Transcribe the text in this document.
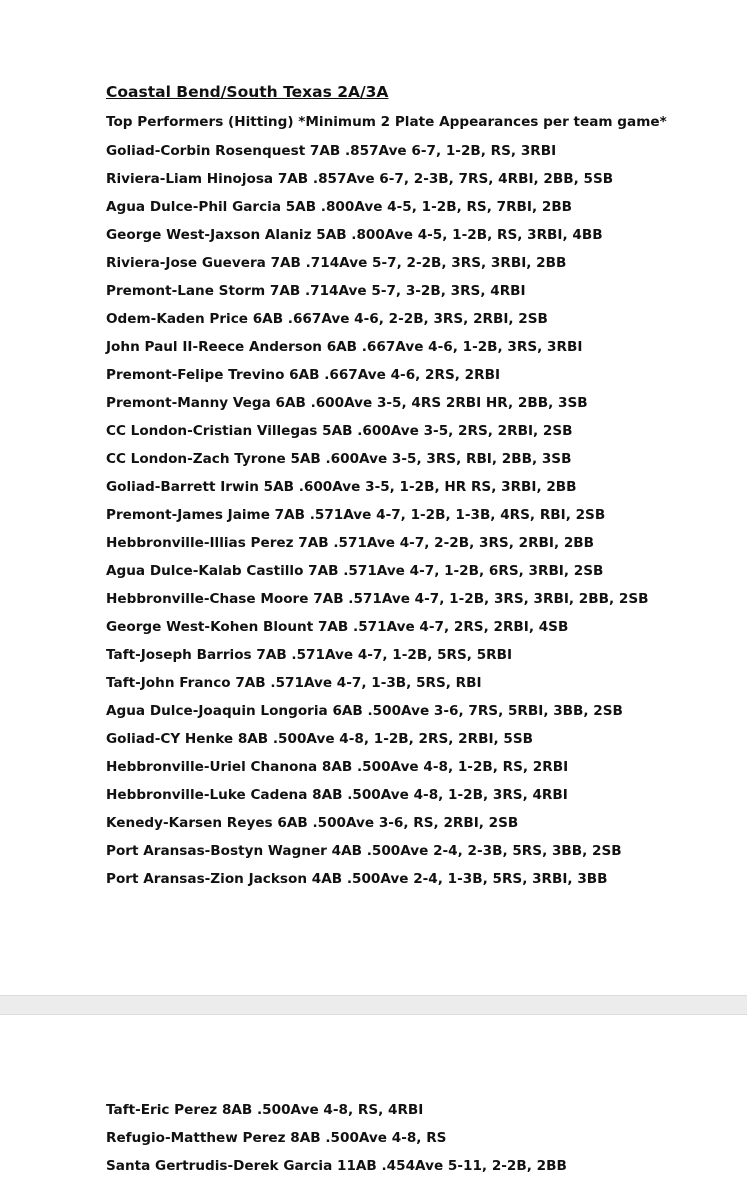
Coastal Bend/South Texas 2A/3A

Top Performers (Hitting) *Minimum 2 Plate Appearances per team game*

Goliad-Corbin Rosenquest 7AB .857Ave 6-7, 1-2B, RS, 3RBI
Riviera-Liam Hinojosa 7AB .857Ave 6-7, 2-3B, 7RS, 4RBI, 2BB, 5SB
Agua Dulce-Phil Garcia 5AB .800Ave 4-5, 1-2B, RS, 7RBI, 2BB
George West-Jaxson Alaniz 5AB .800Ave 4-5, 1-2B, RS, 3RBI, 4BB
Riviera-Jose Guevera 7AB .714Ave 5-7, 2-2B, 3RS, 3RBI, 2BB
Premont-Lane Storm 7AB .714Ave 5-7, 3-2B, 3RS, 4RBI
Odem-Kaden Price 6AB .667Ave 4-6, 2-2B, 3RS, 2RBI, 2SB
John Paul II-Reece Anderson 6AB .667Ave 4-6, 1-2B, 3RS, 3RBI
Premont-Felipe Trevino 6AB .667Ave 4-6, 2RS, 2RBI
Premont-Manny Vega 6AB .600Ave 3-5, 4RS 2RBI HR, 2BB, 3SB
CC London-Cristian Villegas 5AB .600Ave 3-5, 2RS, 2RBI, 2SB
CC London-Zach Tyrone 5AB .600Ave 3-5, 3RS, RBI, 2BB, 3SB
Goliad-Barrett Irwin 5AB .600Ave 3-5, 1-2B, HR RS, 3RBI, 2BB
Premont-James Jaime 7AB .571Ave 4-7, 1-2B, 1-3B, 4RS, RBI, 2SB
Hebbronville-Illias Perez 7AB .571Ave 4-7, 2-2B, 3RS, 2RBI, 2BB
Agua Dulce-Kalab Castillo 7AB .571Ave 4-7, 1-2B, 6RS, 3RBI, 2SB
Hebbronville-Chase Moore 7AB .571Ave 4-7, 1-2B, 3RS, 3RBI, 2BB, 2SB
George West-Kohen Blount 7AB .571Ave 4-7, 2RS, 2RBI, 4SB
Taft-Joseph Barrios 7AB .571Ave 4-7, 1-2B, 5RS, 5RBI
Taft-John Franco 7AB .571Ave 4-7, 1-3B, 5RS, RBI
Agua Dulce-Joaquin Longoria 6AB .500Ave 3-6, 7RS, 5RBI, 3BB, 2SB
Goliad-CY Henke 8AB .500Ave 4-8, 1-2B, 2RS, 2RBI, 5SB
Hebbronville-Uriel Chanona 8AB .500Ave 4-8, 1-2B, RS, 2RBI
Hebbronville-Luke Cadena 8AB .500Ave 4-8, 1-2B, 3RS, 4RBI
Kenedy-Karsen Reyes 6AB .500Ave 3-6, RS, 2RBI, 2SB
Port Aransas-Bostyn Wagner 4AB .500Ave 2-4, 2-3B, 5RS, 3BB, 2SB
Port Aransas-Zion Jackson 4AB .500Ave 2-4, 1-3B, 5RS, 3RBI, 3BB
Taft-Eric Perez 8AB .500Ave 4-8, RS, 4RBI
Refugio-Matthew Perez 8AB .500Ave 4-8, RS
Santa Gertrudis-Derek Garcia 11AB .454Ave 5-11, 2-2B, 2BB
